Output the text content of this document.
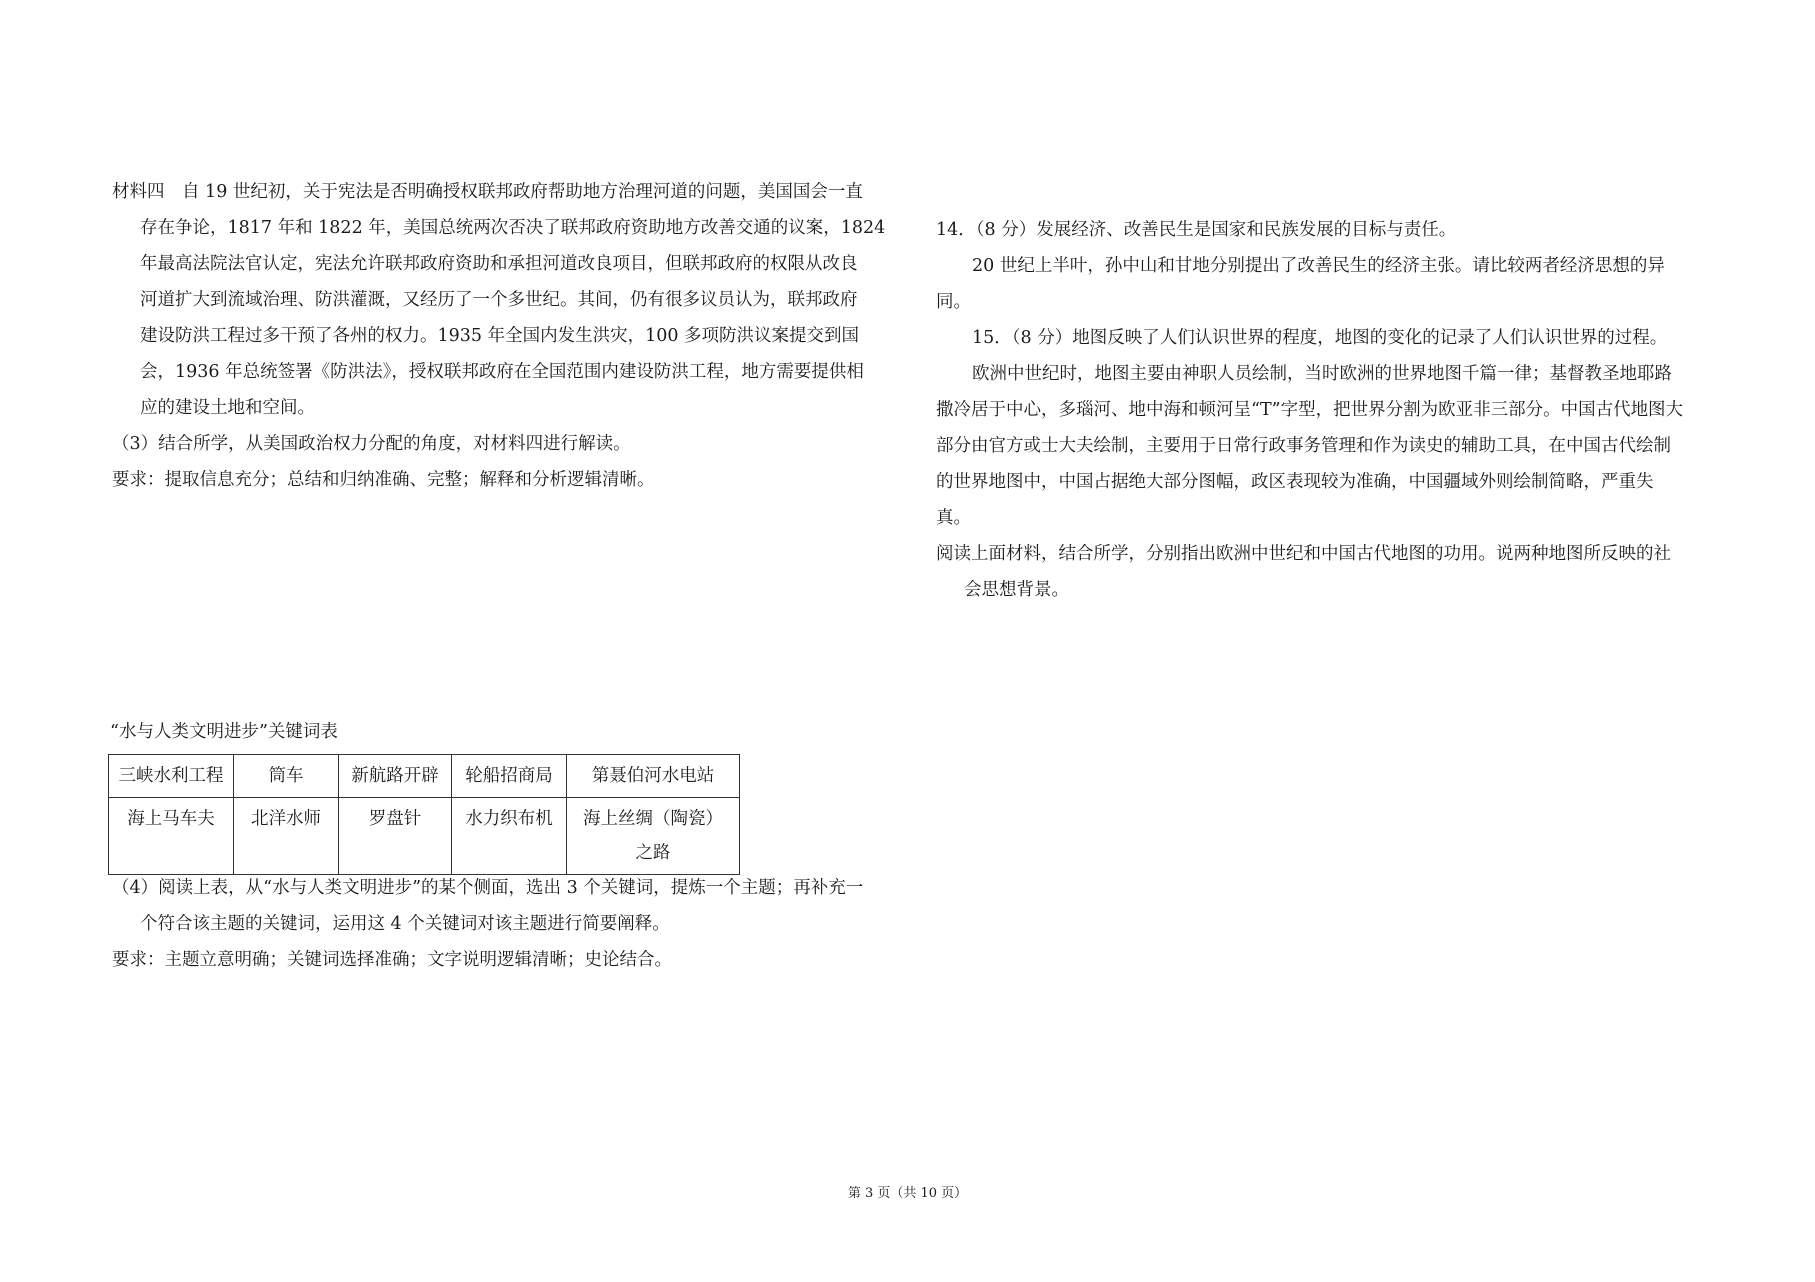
材料四　自 19 世纪初，关于宪法是否明确授权联邦政府帮助地方治理河道的问题，美国国会一直
存在争论，1817 年和 1822 年，美国总统两次否决了联邦政府资助地方改善交通的议案，1824
年最高法院法官认定，宪法允许联邦政府资助和承担河道改良项目，但联邦政府的权限从改良
河道扩大到流域治理、防洪灌溉，又经历了一个多世纪。其间，仍有很多议员认为，联邦政府
建设防洪工程过多干预了各州的权力。1935 年全国内发生洪灾，100 多项防洪议案提交到国
会，1936 年总统签署《防洪法》，授权联邦政府在全国范围内建设防洪工程，地方需要提供相
应的建设土地和空间。
（3）结合所学，从美国政治权力分配的角度，对材料四进行解读。
要求：提取信息充分；总结和归纳准确、完整；解释和分析逻辑清晰。
“水与人类文明进步”关键词表
三峡水利工程	筒车	新航路开辟	轮船招商局	第聂伯河水电站
海上马车夫	北洋水师	罗盘针	水力织布机	海上丝绸（陶瓷）之路
（4）阅读上表，从“水与人类文明进步”的某个侧面，选出 3 个关键词，提炼一个主题；再补充一
个符合该主题的关键词，运用这 4 个关键词对该主题进行简要阐释。
要求：主题立意明确；关键词选择准确；文字说明逻辑清晰；史论结合。
14．（8 分）发展经济、改善民生是国家和民族发展的目标与责任。
20 世纪上半叶，孙中山和甘地分别提出了改善民生的经济主张。请比较两者经济思想的异
同。
15．（8 分）地图反映了人们认识世界的程度，地图的变化的记录了人们认识世界的过程。
欧洲中世纪时，地图主要由神职人员绘制，当时欧洲的世界地图千篇一律；基督教圣地耶路
撒冷居于中心，多瑙河、地中海和顿河呈“T”字型，把世界分割为欧亚非三部分。中国古代地图大
部分由官方或士大夫绘制，主要用于日常行政事务管理和作为读史的辅助工具，在中国古代绘制
的世界地图中，中国占据绝大部分图幅，政区表现较为准确，中国疆域外则绘制简略，严重失
真。
阅读上面材料，结合所学，分别指出欧洲中世纪和中国古代地图的功用。说两种地图所反映的社
会思想背景。
第 3 页（共 10 页）
